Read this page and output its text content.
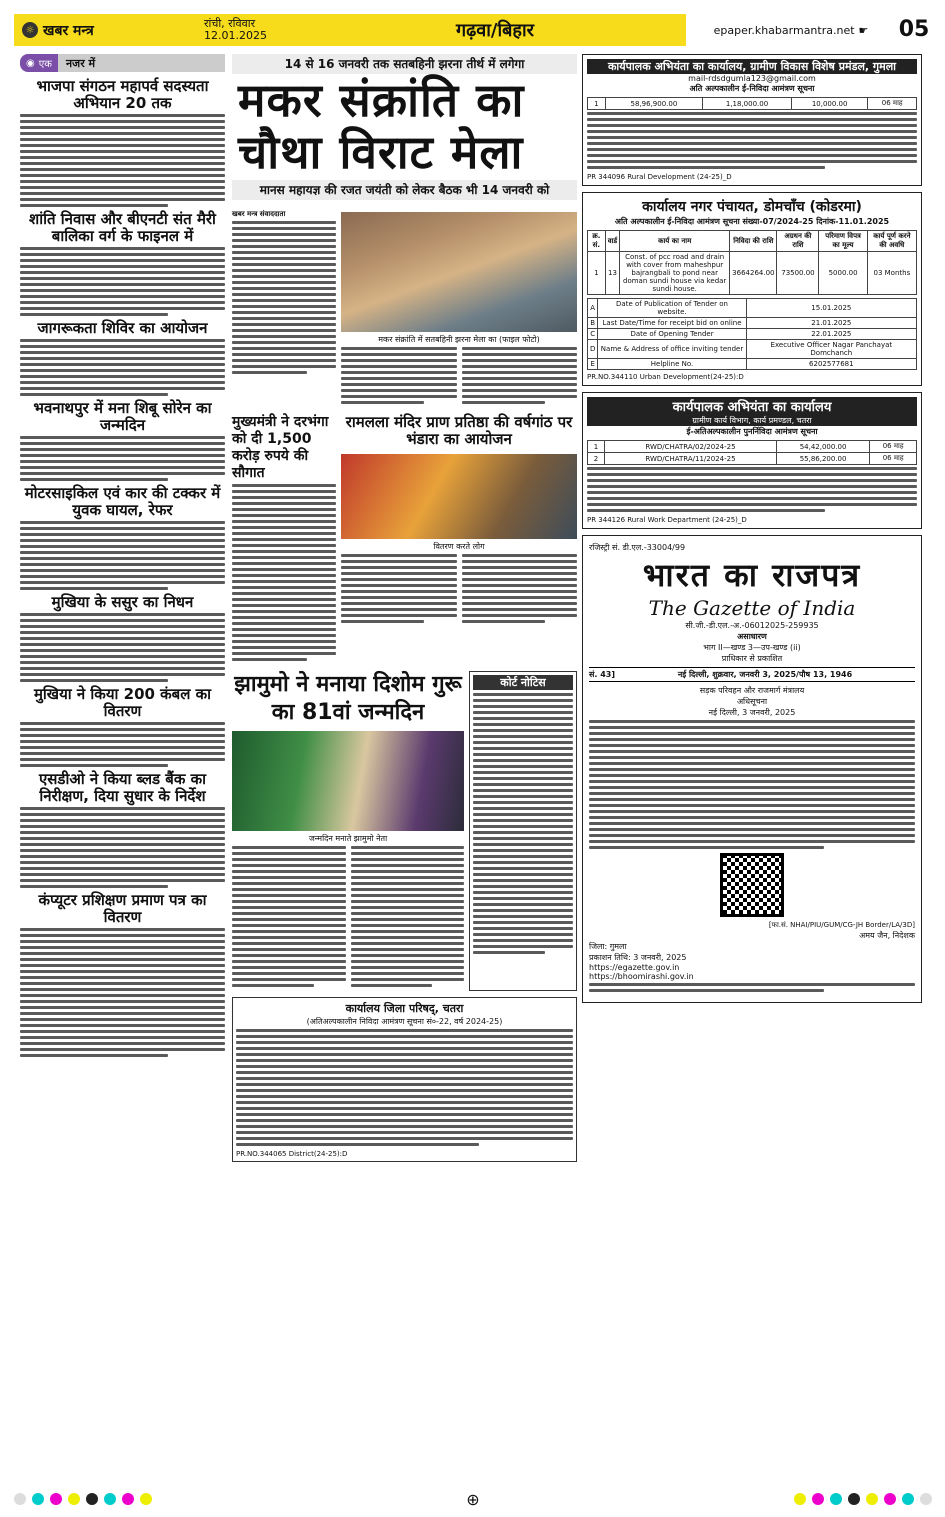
☼ खबर मन्त्र	रांची, रविवार
12.01.2025	गढ़वा/बिहार	epaper.khabarmantra.net ☛ 05
◉ एक	नजर में
भाजपा संगठन महापर्व सदस्यता अभियान 20 तक
शांति निवास और बीएनटी संत मैरी बालिका वर्ग के फाइनल में
जागरूकता शिविर का आयोजन
भवनाथपुर में मना शिबू सोरेन का जन्मदिन
मोटरसाइकिल एवं कार की टक्कर में युवक घायल, रेफर
मुखिया के ससुर का निधन
मुखिया ने किया 200 कंबल का वितरण
एसडीओ ने किया ब्लड बैंक का निरीक्षण, दिया सुधार के निर्देश
कंप्यूटर प्रशिक्षण प्रमाण पत्र का वितरण
14 से 16 जनवरी तक सतबहिनी झरना तीर्थ में लगेगा
मकर संक्रांति का
चौथा विराट मेला
मानस महायज्ञ की रजत जयंती को लेकर बैठक भी 14 जनवरी को
खबर मन्त्र संवाददाता
मकर संक्रांति में सतबहिनी झरना मेला का (फाइल फोटो)
मुख्यमंत्री ने दरभंगा को दी 1,500 करोड़ रुपये की सौगात
रामलला मंदिर प्राण प्रतिष्ठा की वर्षगांठ पर भंडारा का आयोजन
वितरण करते लोग
झामुमो ने मनाया दिशोम गुरू का 81वां जन्मदिन
जन्मदिन मनाते झामुमो नेता
कोर्ट नोटिस
कार्यालय जिला परिषद्, चतरा
(अतिअल्पकालीन निविदा आमंत्रण सूचना सं०-22, वर्ष 2024-25)
PR.NO.344065 District(24-25):D
कार्यपालक अभियंता का कार्यालय, ग्रामीण विकास विशेष प्रमंडल, गुमला
mail-rdsdgumla123@gmail.com
अति अल्पकालीन ई-निविदा आमंत्रण सूचना
1	58,96,900.00	1,18,000.00	10,000.00	06 माह
PR 344096 Rural Development (24-25)_D
कार्यालय नगर पंचायत, डोमचाँच (कोडरमा)
अति अल्पकालीन ई-निविदा आमंत्रण सूचना संख्या-07/2024-25 दिनांक-11.01.2025
क्र. सं.	वार्ड	कार्य का नाम	निविदा की राशि	अग्रधन की राशि	परिमाण विपत्र का मूल्य	कार्य पूर्ण करने की अवधि
1	13	Const. of pcc road and drain with cover from maheshpur bajrangbali to pond near doman sundi house via kedar sundi house.	3664264.00	73500.00	5000.00	03 Months
A	Date of Publication of Tender on website.	15.01.2025
B	Last Date/Time for receipt bid on online	21.01.2025
C	Date of Opening Tender	22.01.2025
D	Name & Address of office inviting tender	Executive Officer Nagar Panchayat Domchanch
E	Helpline No.	6202577681
PR.NO.344110 Urban Development(24-25):D
कार्यपालक अभियंता का कार्यालय
ग्रामीण कार्य विभाग, कार्य प्रमण्डल, चतरा
ई-अतिअल्पकालीन पुनर्निविदा आमंत्रण सूचना
1	RWD/CHATRA/02/2024-25	54,42,000.00	06 माह
2	RWD/CHATRA/11/2024-25	55,86,200.00	06 माह
PR 344126 Rural Work Department (24-25)_D
रजिस्ट्री सं. डी.एल.-33004/99
भारत का राजपत्र
The Gazette of India
सी.जी.-डी.एल.-अ.-06012025-259935
असाधारण
भाग II—खण्ड 3—उप-खण्ड (ii)
प्राधिकार से प्रकाशित
सं. 43]	नई दिल्ली, शुक्रवार, जनवरी 3, 2025/पौष 13, 1946
सड़क परिवहन और राजमार्ग मंत्रालय
अधिसूचना
नई दिल्ली, 3 जनवरी, 2025
[फा.सं. NHAI/PIU/GUM/CG-JH Border/LA/3D]
अमय जैन, निदेशक
जिला: गुमला
प्रकाशन तिथि: 3 जनवरी, 2025
https://egazette.gov.in
https://bhoomirashi.gov.in
⊕
